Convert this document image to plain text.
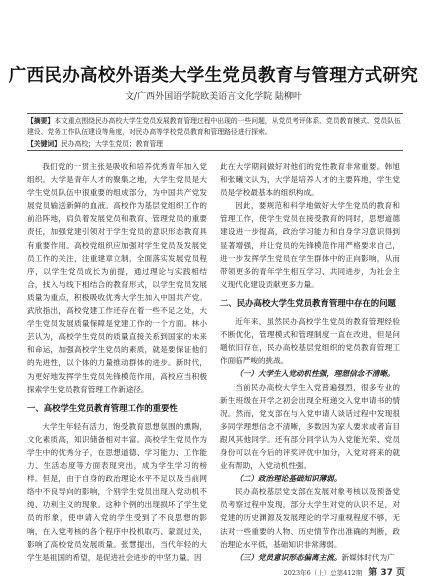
广西民办高校外语类大学生党员教育与管理方式研究
文/广西外国语学院欧美语言文化学院 陆柳叶
【摘要】本文重点围绕民办高校大学生党员发展教育管理过程中出现的一些问题，从党员考评体系、党员教育模式、党员队伍建设、党务工作队伍建设等角度，对民办高等学校党员教育和管理路径进行探索。
【关键词】民办高校；大学生党员；教育管理

我们党的一贯主张是吸收和培养优秀青年加入党组织。大学是青年人才的聚集之地，大学生党员是大学生党员队伍中很重要的组成部分，为中国共产党发展党员输送新鲜的血液。高校作为基层党组织工作的前沿阵地，肩负着发展党员和教育、管理党员的重要责任，加强党建引领对于学生党员的意识形态教育具有重要作用。高校党组织应加强对学生党员及发展党员工作的关注，注重建章立制，全面落实发展党员程序，以学生党员成长为前提，通过理论与实践相结合，找入与线下相结合的教育形式，以学生党员发展质量为重点，积极吸收优秀大学生加入中国共产党。武欣指出，高校党建工作还存在着一些不足之处，大学生党员发展质量保障是党建工作的一个方面。林小芸认为，高校学生党员的质量直接关系到国家的未来和命运，加强高校学生党员的素质，就是要保证他们的先进性，以个体的力量推动群体的进步。新时代，为更好地发挥学生党员先锋模范作用，高校应当积极探索学生党员教育管理工作新途径。

一、高校学生党员教育管理工作的重要性

大学生年轻有活力，饱受教育思想氛围的熏陶，文化素质高，知识储备相对丰富。高校学生党员作为学生中的优秀分子，在思想道德、学习能力、工作能力、生活态度等方面表现突出，成为学生学习的榜样。但是，由于自身的政治理论水平不足以及当前网络中不良导向的影响，个别学生党员出现入党动机不纯、功利主义的现象。这种个例的出现损坏了学生党员的形象，使申请入党的学生受到了不良思想的影响，在入党考核的各个程序中投机取巧、蒙混过关，影响了高校党员发展质量。张慧提出，当代年轻的大学生是祖国的希望，是促进社会进步的中坚力量。因

此在大学期间做好对他们的党性教育非常重要。韩旭和张曦文认为，大学是培养人才的主要阵地，学生党员是学校最基本的组织构成。

因此，要规范和科学地做好大学生党员的教育和管理工作，使学生党员在接受教育的同时，思想道德建设进一步提高，政治学习能力和自身学习意识得到显著增强，并让党员的先锋模范作用严格要求自己，进一步发挥学生党员在学生群体中的正向影响，从而带领更多的青年学生相互学习、共同进步，为社会主义现代化建设贡献更多力量。

二、民办高校大学生党员教育管理中存在的问题

近年来，虽然民办高校学生党员的教育管理经验不断优化，管理模式和管理制度一直在改进，但是问题依旧存在，民办高校基层党组织的党员教育管理工作面临严峻的挑战。

（一）大学生入党动机性强，理想信念不清晰。

当前民办高校大学生入党普遍强烈，很多专业的新生班级在开学之初会出现全班递交入党申请书的情况。然而，党支部在与入党申请人谈话过程中发现很多同学理想信念不清晰，多数因为家人要求或者盲目跟风其他同学。还有部分同学认为入党能光荣、党员身份可以在今后的评奖评优中加分，入党对将来的就业有帮助，入党动机性强。

（二）政治理论基础知识薄弱。

民办高校基层党支部在发展对象考核以及预备党员考察过程中发现，部分大学生对党的认识不足，对党建的历史渊源及发展理论的学习重视程度不够，无法对一些重要的人物、历史情节作出准确的判断，政治理论水平低，基础知识非常薄弱。

（三）党员意识形态偏离主流。新媒体时代为广

2023年6（上）总第412期 第 37 页
